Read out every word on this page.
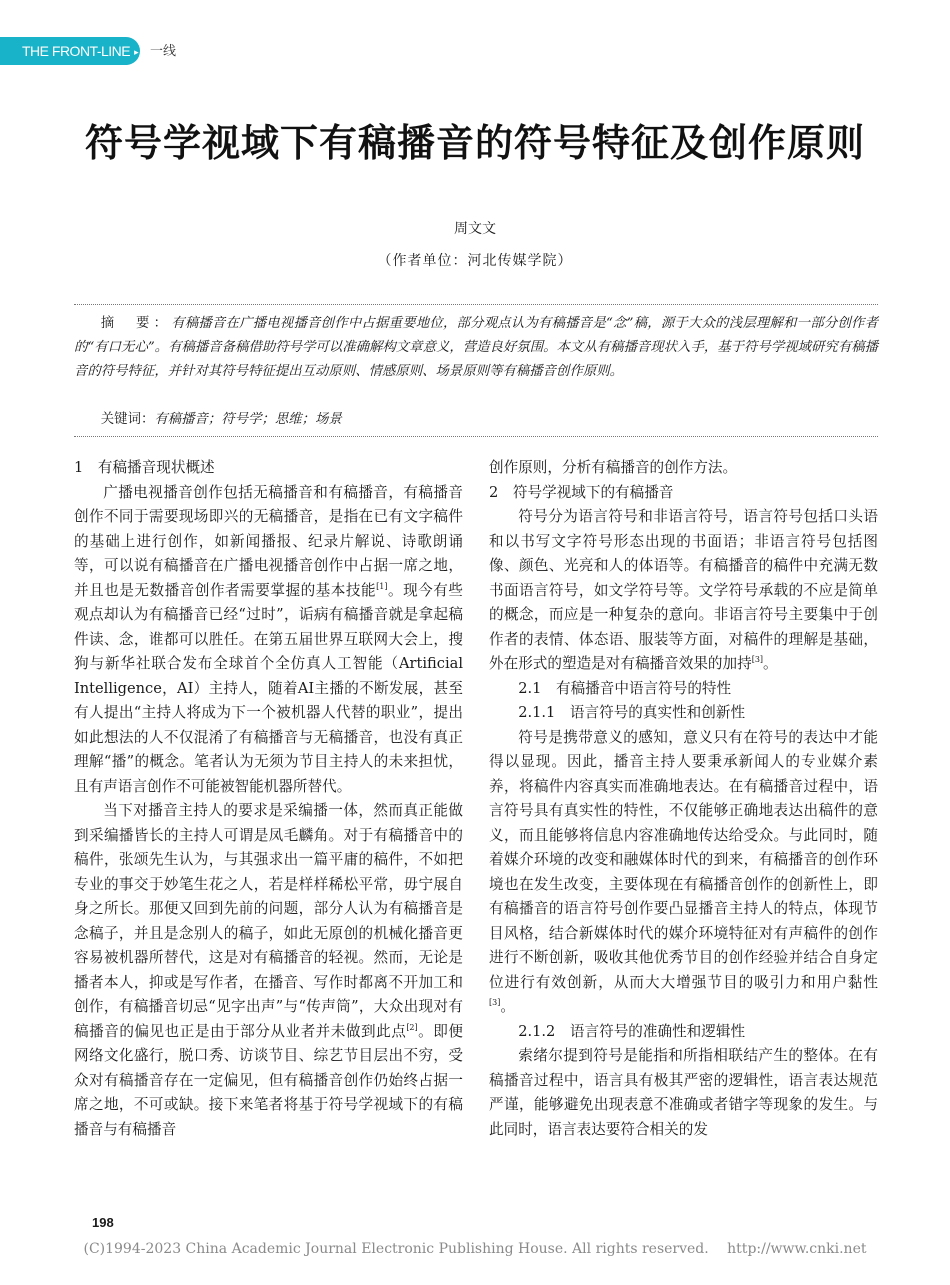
THE FRONT-LINE ▸ 一线
符号学视域下有稿播音的符号特征及创作原则
周文文
（作者单位：河北传媒学院）

摘　要：有稿播音在广播电视播音创作中占据重要地位，部分观点认为有稿播音是“念”稿，源于大众的浅层理解和一部分创作者的“有口无心”。有稿播音备稿借助符号学可以准确解构文章意义，营造良好氛围。本文从有稿播音现状入手，基于符号学视域研究有稿播音的符号特征，并针对其符号特征提出互动原则、情感原则、场景原则等有稿播音创作原则。

关键词：有稿播音；符号学；思维；场景

1　有稿播音现状概述

广播电视播音创作包括无稿播音和有稿播音，有稿播音创作不同于需要现场即兴的无稿播音，是指在已有文字稿件的基础上进行创作，如新闻播报、纪录片解说、诗歌朗诵等，可以说有稿播音在广播电视播音创作中占据一席之地，并且也是无数播音创作者需要掌握的基本技能[1]。现今有些观点却认为有稿播音已经“过时”，诟病有稿播音就是拿起稿件读、念，谁都可以胜任。在第五届世界互联网大会上，搜狗与新华社联合发布全球首个全仿真人工智能（Artificial Intelligence，AI）主持人，随着AI主播的不断发展，甚至有人提出“主持人将成为下一个被机器人代替的职业”，提出如此想法的人不仅混淆了有稿播音与无稿播音，也没有真正理解“播”的概念。笔者认为无须为节目主持人的未来担忧，且有声语言创作不可能被智能机器所替代。

当下对播音主持人的要求是采编播一体，然而真正能做到采编播皆长的主持人可谓是凤毛麟角。对于有稿播音中的稿件，张颂先生认为，与其强求出一篇平庸的稿件，不如把专业的事交于妙笔生花之人，若是样样稀松平常，毋宁展自身之所长。那便又回到先前的问题，部分人认为有稿播音是念稿子，并且是念别人的稿子，如此无原创的机械化播音更容易被机器所替代，这是对有稿播音的轻视。然而，无论是播者本人，抑或是写作者，在播音、写作时都离不开加工和创作，有稿播音切忌“见字出声”与“传声筒”，大众出现对有稿播音的偏见也正是由于部分从业者并未做到此点[2]。即便网络文化盛行，脱口秀、访谈节目、综艺节目层出不穷，受众对有稿播音存在一定偏见，但有稿播音创作仍始终占据一席之地，不可或缺。接下来笔者将基于符号学视域下的有稿播音与有稿播音

创作原则，分析有稿播音的创作方法。

2　符号学视域下的有稿播音

符号分为语言符号和非语言符号，语言符号包括口头语和以书写文字符号形态出现的书面语；非语言符号包括图像、颜色、光亮和人的体语等。有稿播音的稿件中充满无数书面语言符号，如文学符号等。文学符号承载的不应是简单的概念，而应是一种复杂的意向。非语言符号主要集中于创作者的表情、体态语、服装等方面，对稿件的理解是基础，外在形式的塑造是对有稿播音效果的加持[3]。

2.1　有稿播音中语言符号的特性

2.1.1　语言符号的真实性和创新性

符号是携带意义的感知，意义只有在符号的表达中才能得以显现。因此，播音主持人要秉承新闻人的专业媒介素养，将稿件内容真实而准确地表达。在有稿播音过程中，语言符号具有真实性的特性，不仅能够正确地表达出稿件的意义，而且能够将信息内容准确地传达给受众。与此同时，随着媒介环境的改变和融媒体时代的到来，有稿播音的创作环境也在发生改变，主要体现在有稿播音创作的创新性上，即有稿播音的语言符号创作要凸显播音主持人的特点，体现节目风格，结合新媒体时代的媒介环境特征对有声稿件的创作进行不断创新，吸收其他优秀节目的创作经验并结合自身定位进行有效创新，从而大大增强节目的吸引力和用户黏性[3]。

2.1.2　语言符号的准确性和逻辑性

索绪尔提到符号是能指和所指相联结产生的整体。在有稿播音过程中，语言具有极其严密的逻辑性，语言表达规范严谨，能够避免出现表意不准确或者错字等现象的发生。与此同时，语言表达要符合相关的发

198
(C)1994-2023 China Academic Journal Electronic Publishing House. All rights reserved.　 http://www.cnki.net
